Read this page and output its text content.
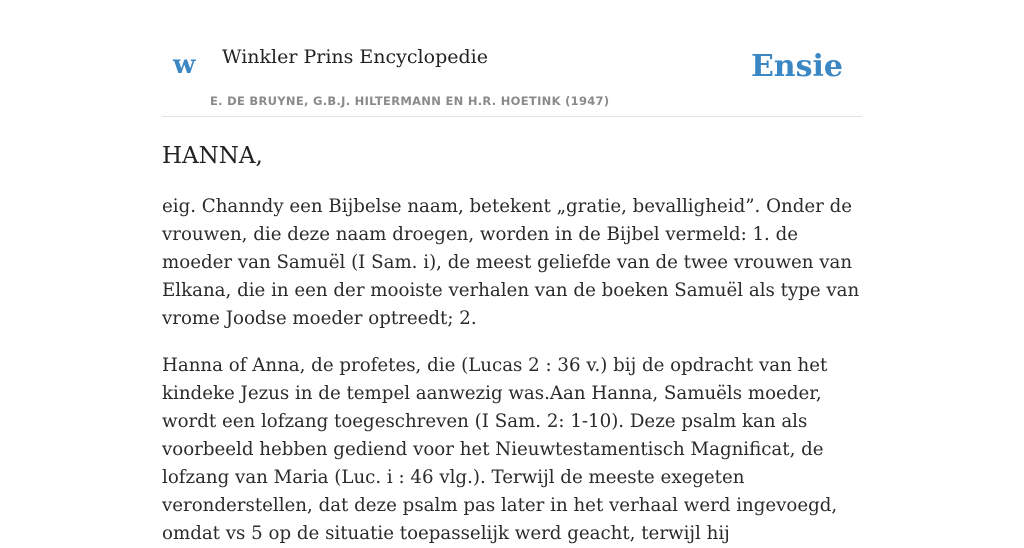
w Winkler Prins Encyclopedie
E. DE BRUYNE, G.B.J. HILTERMANN EN H.R. HOETINK (1947)
Ensie
HANNA,

eig. Channdy een Bijbelse naam, betekent „gratie, bevalligheid”. Onder de vrouwen, die deze naam droegen, worden in de Bijbel vermeld: 1. de moeder van Samuël (I Sam. i), de meest geliefde van de twee vrouwen van Elkana, die in een der mooiste verhalen van de boeken Samuël als type van vrome Joodse moeder optreedt; 2.

Hanna of Anna, de profetes, die (Lucas 2 : 36 v.) bij de opdracht van het kindeke Jezus in de tempel aanwezig was.Aan Hanna, Samuëls moeder, wordt een lofzang toegeschreven (I Sam. 2: 1-10). Deze psalm kan als voorbeeld hebben gediend voor het Nieuwtestamentisch Magnificat, de lofzang van Maria (Luc. i : 46 vlg.). Terwijl de meeste exegeten veronderstellen, dat deze psalm pas later in het verhaal werd ingevoegd, omdat vs 5 op de situatie toepasselijk werd geacht, terwijl hij
